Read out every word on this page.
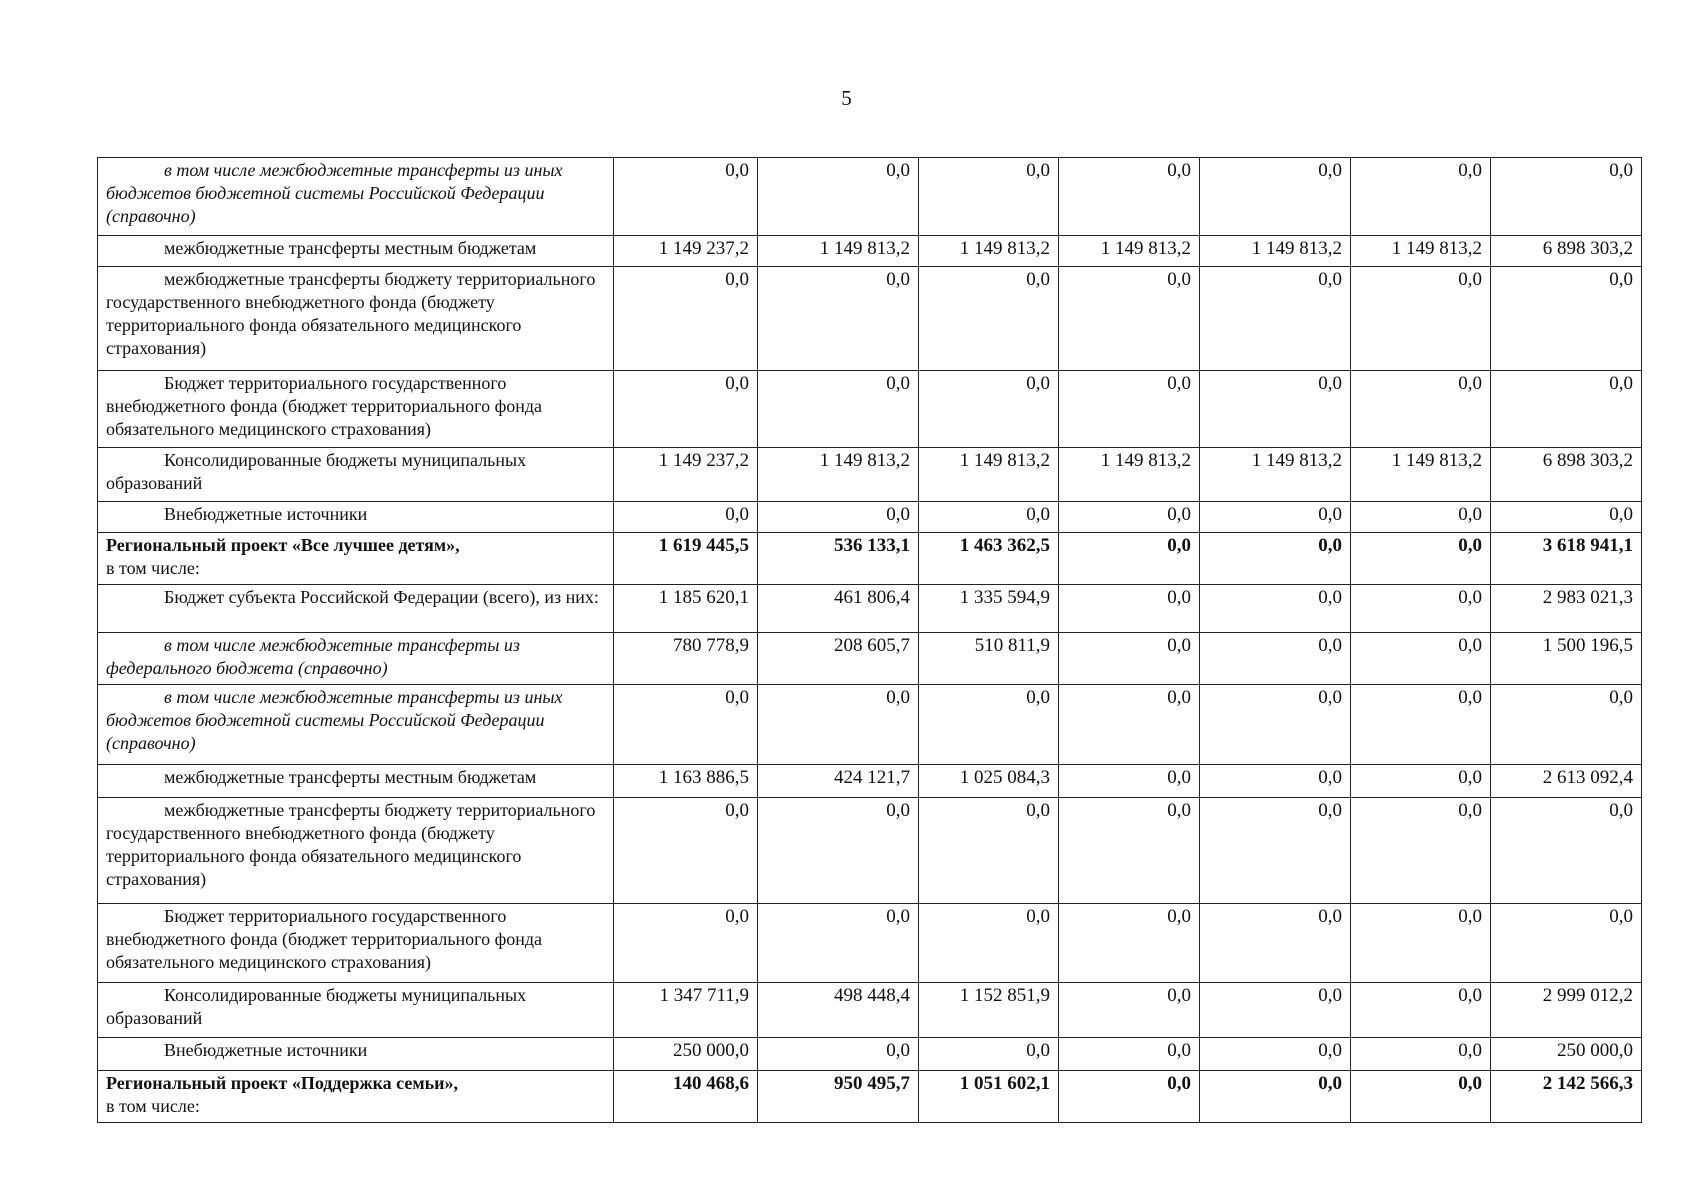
5
в том числе межбюджетные трансферты из иных бюджетов бюджетной системы Российской Федерации (справочно)	0,0	0,0	0,0	0,0	0,0	0,0	0,0

межбюджетные трансферты местным бюджетам	1 149 237,2	1 149 813,2	1 149 813,2	1 149 813,2	1 149 813,2	1 149 813,2	6 898 303,2

межбюджетные трансферты бюджету территориального государственного внебюджетного фонда (бюджету территориального фонда обязательного медицинского страхования)	0,0	0,0	0,0	0,0	0,0	0,0	0,0

Бюджет территориального государственного внебюджетного фонда (бюджет территориального фонда обязательного медицинского страхования)	0,0	0,0	0,0	0,0	0,0	0,0	0,0

Консолидированные бюджеты муниципальных образований	1 149 237,2	1 149 813,2	1 149 813,2	1 149 813,2	1 149 813,2	1 149 813,2	6 898 303,2

Внебюджетные источники	0,0	0,0	0,0	0,0	0,0	0,0	0,0

Региональный проект «Все лучшее детям»,
в том числе:	1 619 445,5	536 133,1	1 463 362,5	0,0	0,0	0,0	3 618 941,1

Бюджет субъекта Российской Федерации (всего), из них:	1 185 620,1	461 806,4	1 335 594,9	0,0	0,0	0,0	2 983 021,3

в том числе межбюджетные трансферты из федерального бюджета (справочно)	780 778,9	208 605,7	510 811,9	0,0	0,0	0,0	1 500 196,5

в том числе межбюджетные трансферты из иных бюджетов бюджетной системы Российской Федерации (справочно)	0,0	0,0	0,0	0,0	0,0	0,0	0,0

межбюджетные трансферты местным бюджетам	1 163 886,5	424 121,7	1 025 084,3	0,0	0,0	0,0	2 613 092,4

межбюджетные трансферты бюджету территориального государственного внебюджетного фонда (бюджету территориального фонда обязательного медицинского страхования)	0,0	0,0	0,0	0,0	0,0	0,0	0,0

Бюджет территориального государственного внебюджетного фонда (бюджет территориального фонда обязательного медицинского страхования)	0,0	0,0	0,0	0,0	0,0	0,0	0,0

Консолидированные бюджеты муниципальных образований	1 347 711,9	498 448,4	1 152 851,9	0,0	0,0	0,0	2 999 012,2

Внебюджетные источники	250 000,0	0,0	0,0	0,0	0,0	0,0	250 000,0

Региональный проект «Поддержка семьи»,
в том числе:	140 468,6	950 495,7	1 051 602,1	0,0	0,0	0,0	2 142 566,3
